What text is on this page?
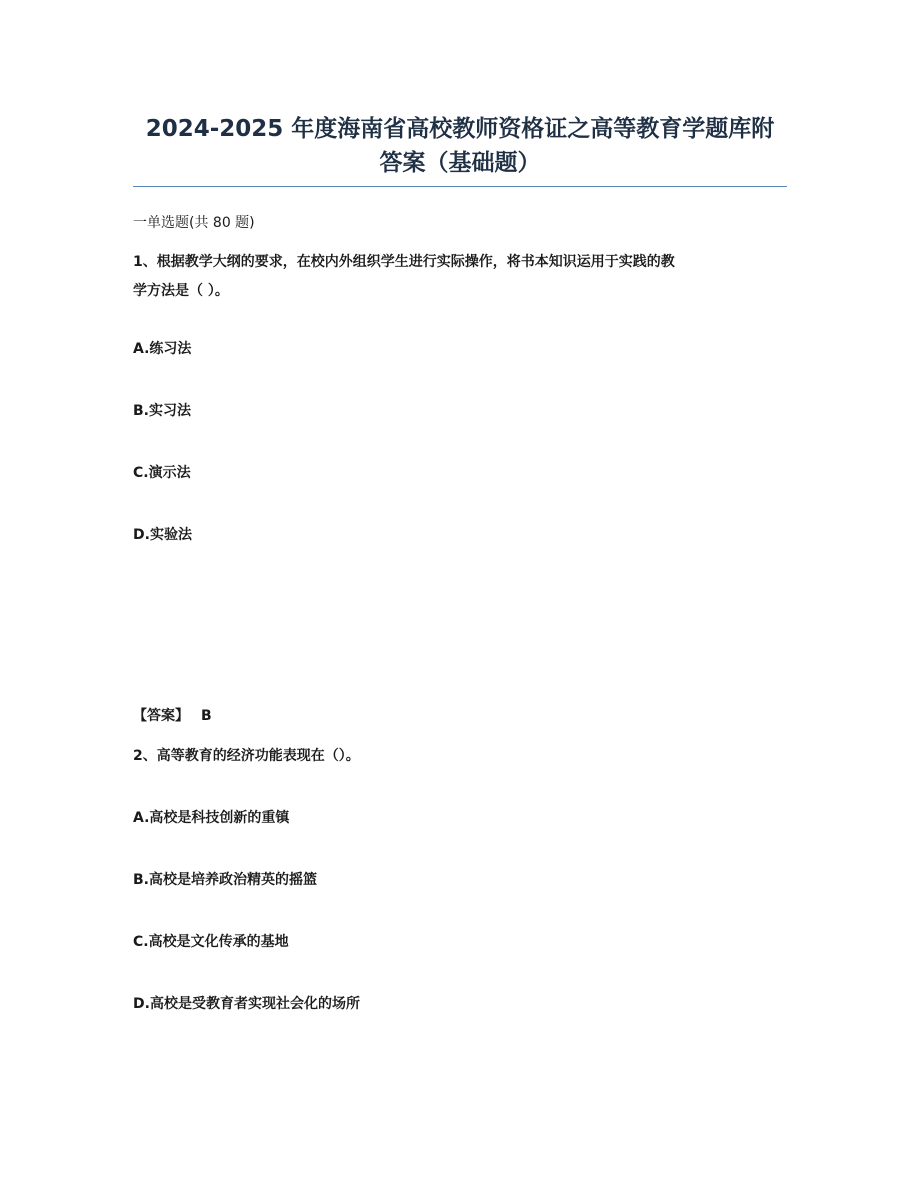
2024-2025 年度海南省高校教师资格证之高等教育学题库附
答案（基础题）
一单选题(共 80 题)
1、根据教学大纲的要求，在校内外组织学生进行实际操作，将书本知识运用于实践的教
学方法是（ ）。
A.练习法
B.实习法
C.演示法
D.实验法
【答案】 B
2、高等教育的经济功能表现在（）。
A.高校是科技创新的重镇
B.高校是培养政治精英的摇篮
C.高校是文化传承的基地
D.高校是受教育者实现社会化的场所
